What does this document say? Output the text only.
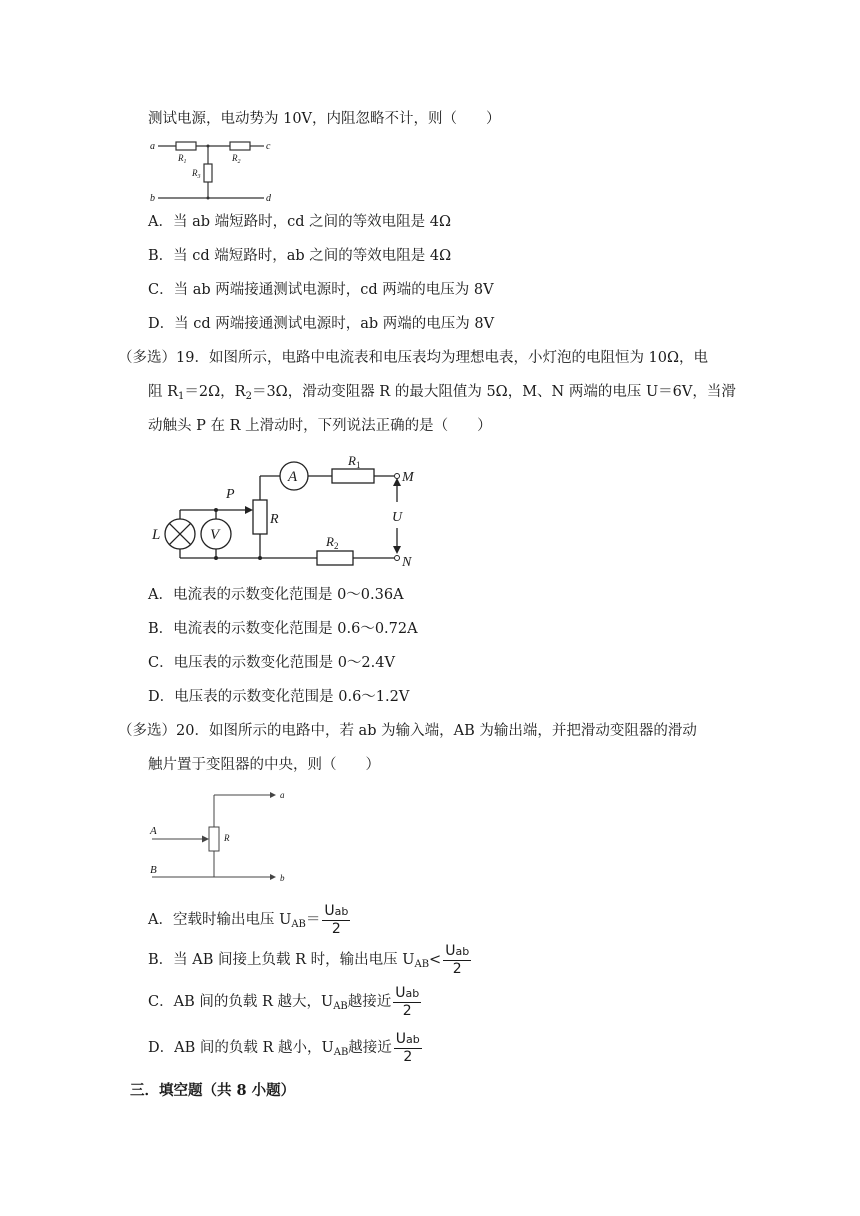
测试电源，电动势为 10V，内阻忽略不计，则（　　）
a	c
b	d
$R_1$	$R_2$
$R_3$
A．当 ab 端短路时，cd 之间的等效电阻是 4Ω
B．当 cd 端短路时，ab 之间的等效电阻是 4Ω
C．当 ab 两端接通测试电源时，cd 两端的电压为 8V
D．当 cd 两端接通测试电源时，ab 两端的电压为 8V
（多选）19．如图所示，电路中电流表和电压表均为理想电表，小灯泡的电阻恒为 10Ω，电
阻 $R_1=2\Omega$，$R_2=3\Omega$，滑动变阻器 R 的最大阻值为 5Ω，M、N 两端的电压 U＝6V，当滑
动触头 P 在 R 上滑动时，下列说法正确的是（　　）
A
V
L
P
R
$R_1$
$R_2$
U
M
N
A．电流表的示数变化范围是 0～0.36A
B．电流表的示数变化范围是 0.6～0.72A
C．电压表的示数变化范围是 0～2.4V
D．电压表的示数变化范围是 0.6～1.2V
（多选）20．如图所示的电路中，若 ab 为输入端，AB 为输出端，并把滑动变阻器的滑动
触片置于变阻器的中央，则（　　）
a
b
A
B
R
A．空载时输出电压 $U_{AB}= \frac{\text{Uab}}{2}$
B．当 AB 间接上负载 R 时，输出电压 $U_{AB}< \frac{\text{Uab}}{2}$
C．AB 间的负载 R 越大，$U_{AB}$越接近 $\frac{\text{Uab}}{2}$
D．AB 间的负载 R 越小，$U_{AB}$越接近 $\frac{\text{Uab}}{2}$
三．填空题（共 8 小题）
